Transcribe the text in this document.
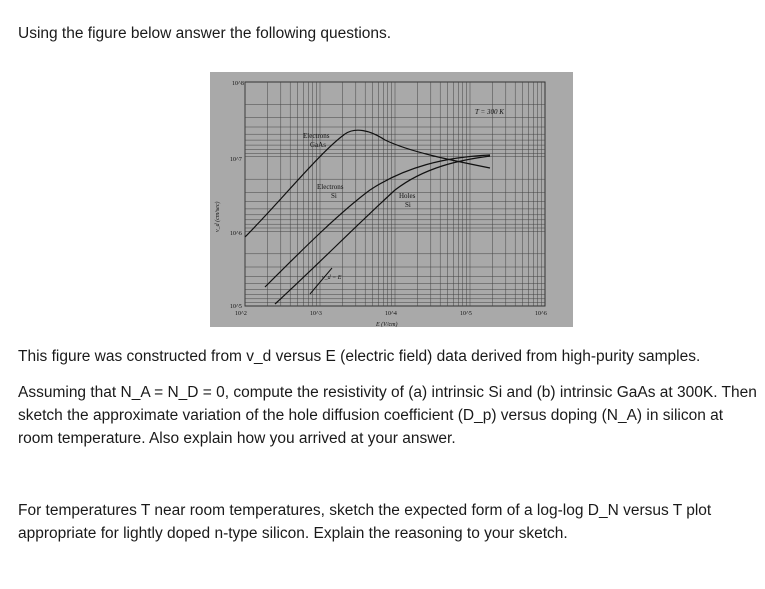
Using the figure below answer the following questions.
T = 300 K
Electrons
GaAs
Electrons
Si	Holes
Si
v_d = E
10^8
10^7
10^6
10^5
10^2	10^3	10^4	10^5	10^6
E (V/cm)
v_d (cm/sec)
This figure was constructed from v_d versus E (electric field) data derived from high-purity samples.
Assuming that N_A = N_D = 0, compute the resistivity of (a) intrinsic Si and (b) intrinsic GaAs at 300K. Then sketch the approximate variation of the hole diffusion coefficient (D_p) versus doping (N_A) in silicon at room temperature. Also explain how you arrived at your answer.
For temperatures T near room temperatures, sketch the expected form of a log-log D_N versus T plot appropriate for lightly doped n-type silicon. Explain the reasoning to your sketch.
